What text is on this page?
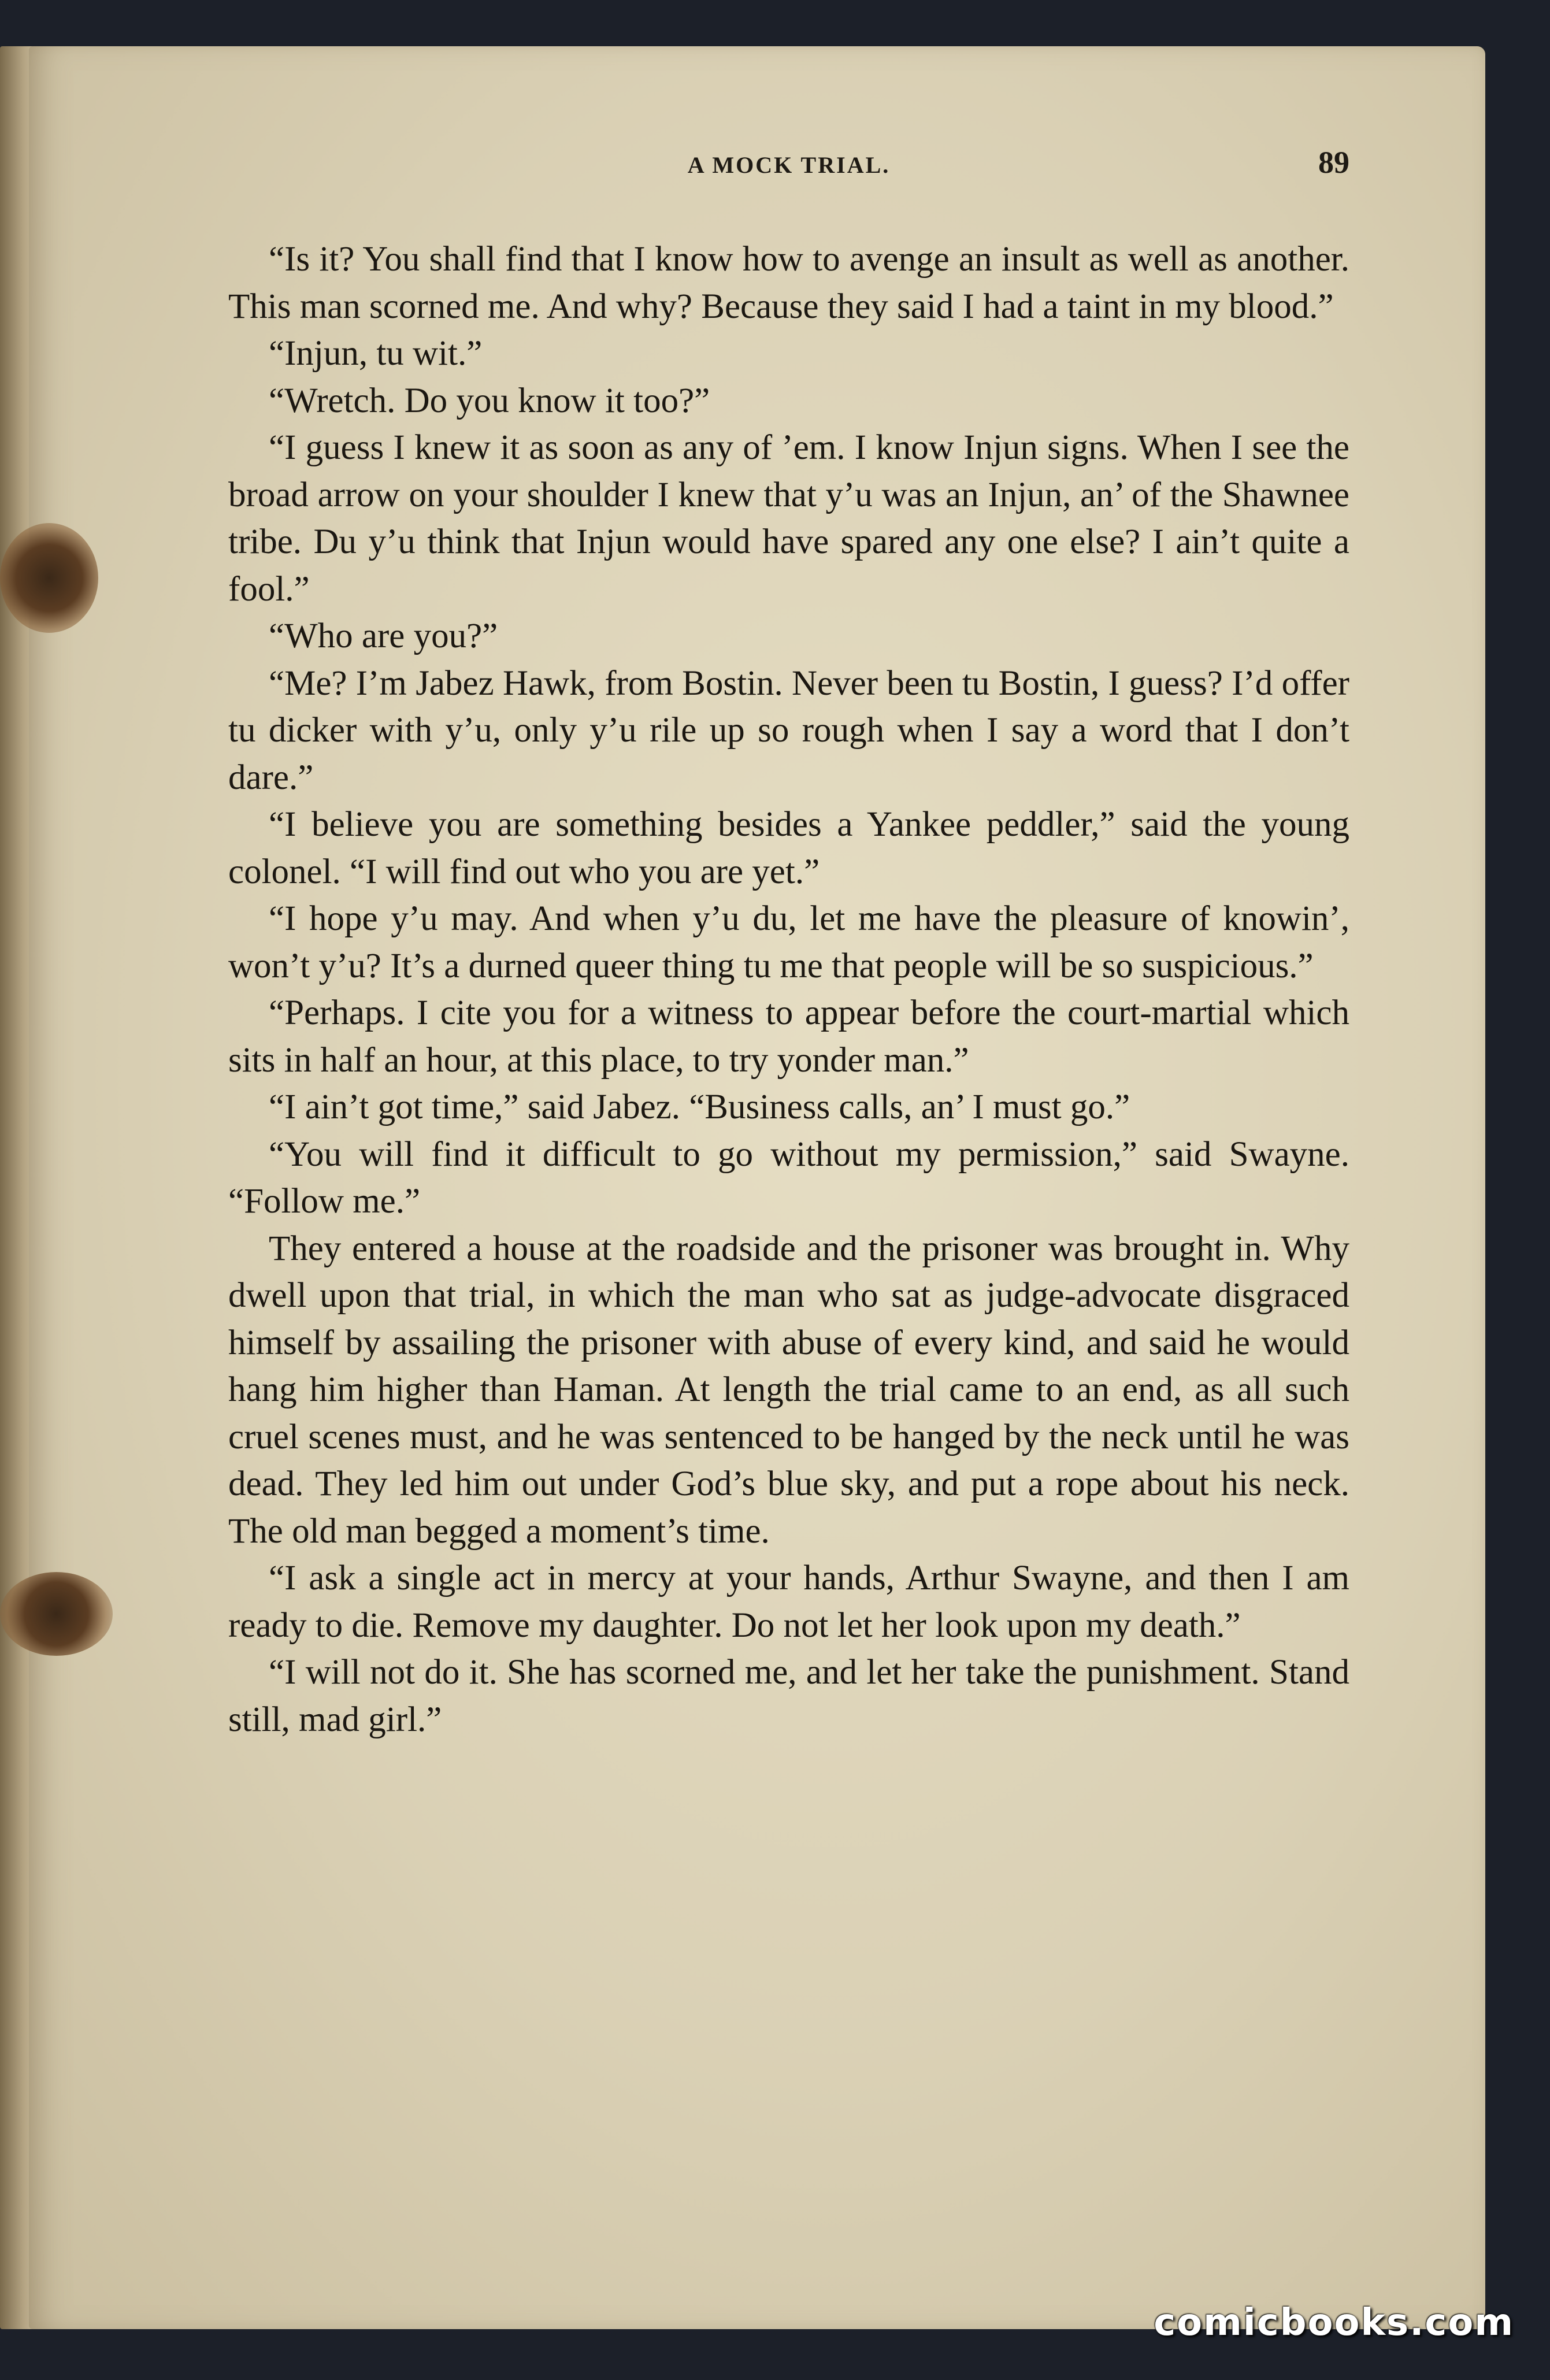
A MOCK TRIAL.	89

“Is it? You shall find that I know how to avenge an insult as well as another. This man scorned me. And why? Because they said I had a taint in my blood.”

“Injun, tu wit.”

“Wretch. Do you know it too?”

“I guess I knew it as soon as any of ’em. I know Injun signs. When I see the broad arrow on your shoulder I knew that y’u was an Injun, an’ of the Shawnee tribe. Du y’u think that Injun would have spared any one else? I ain’t quite a fool.”

“Who are you?”

“Me? I’m Jabez Hawk, from Bostin. Never been tu Bostin, I guess? I’d offer tu dicker with y’u, only y’u rile up so rough when I say a word that I don’t dare.”

“I believe you are something besides a Yankee peddler,” said the young colonel. “I will find out who you are yet.”

“I hope y’u may. And when y’u du, let me have the pleasure of knowin’, won’t y’u? It’s a durned queer thing tu me that people will be so suspicious.”

“Perhaps. I cite you for a witness to appear before the court-martial which sits in half an hour, at this place, to try yonder man.”

“I ain’t got time,” said Jabez. “Business calls, an’ I must go.”

“You will find it difficult to go without my permission,” said Swayne. “Follow me.”

They entered a house at the roadside and the prisoner was brought in. Why dwell upon that trial, in which the man who sat as judge-advocate disgraced himself by assailing the prisoner with abuse of every kind, and said he would hang him higher than Haman. At length the trial came to an end, as all such cruel scenes must, and he was sentenced to be hanged by the neck until he was dead. They led him out under God’s blue sky, and put a rope about his neck. The old man begged a moment’s time.

“I ask a single act in mercy at your hands, Arthur Swayne, and then I am ready to die. Remove my daughter. Do not let her look upon my death.”

“I will not do it. She has scorned me, and let her take the punishment. Stand still, mad girl.”

comicbooks.com
